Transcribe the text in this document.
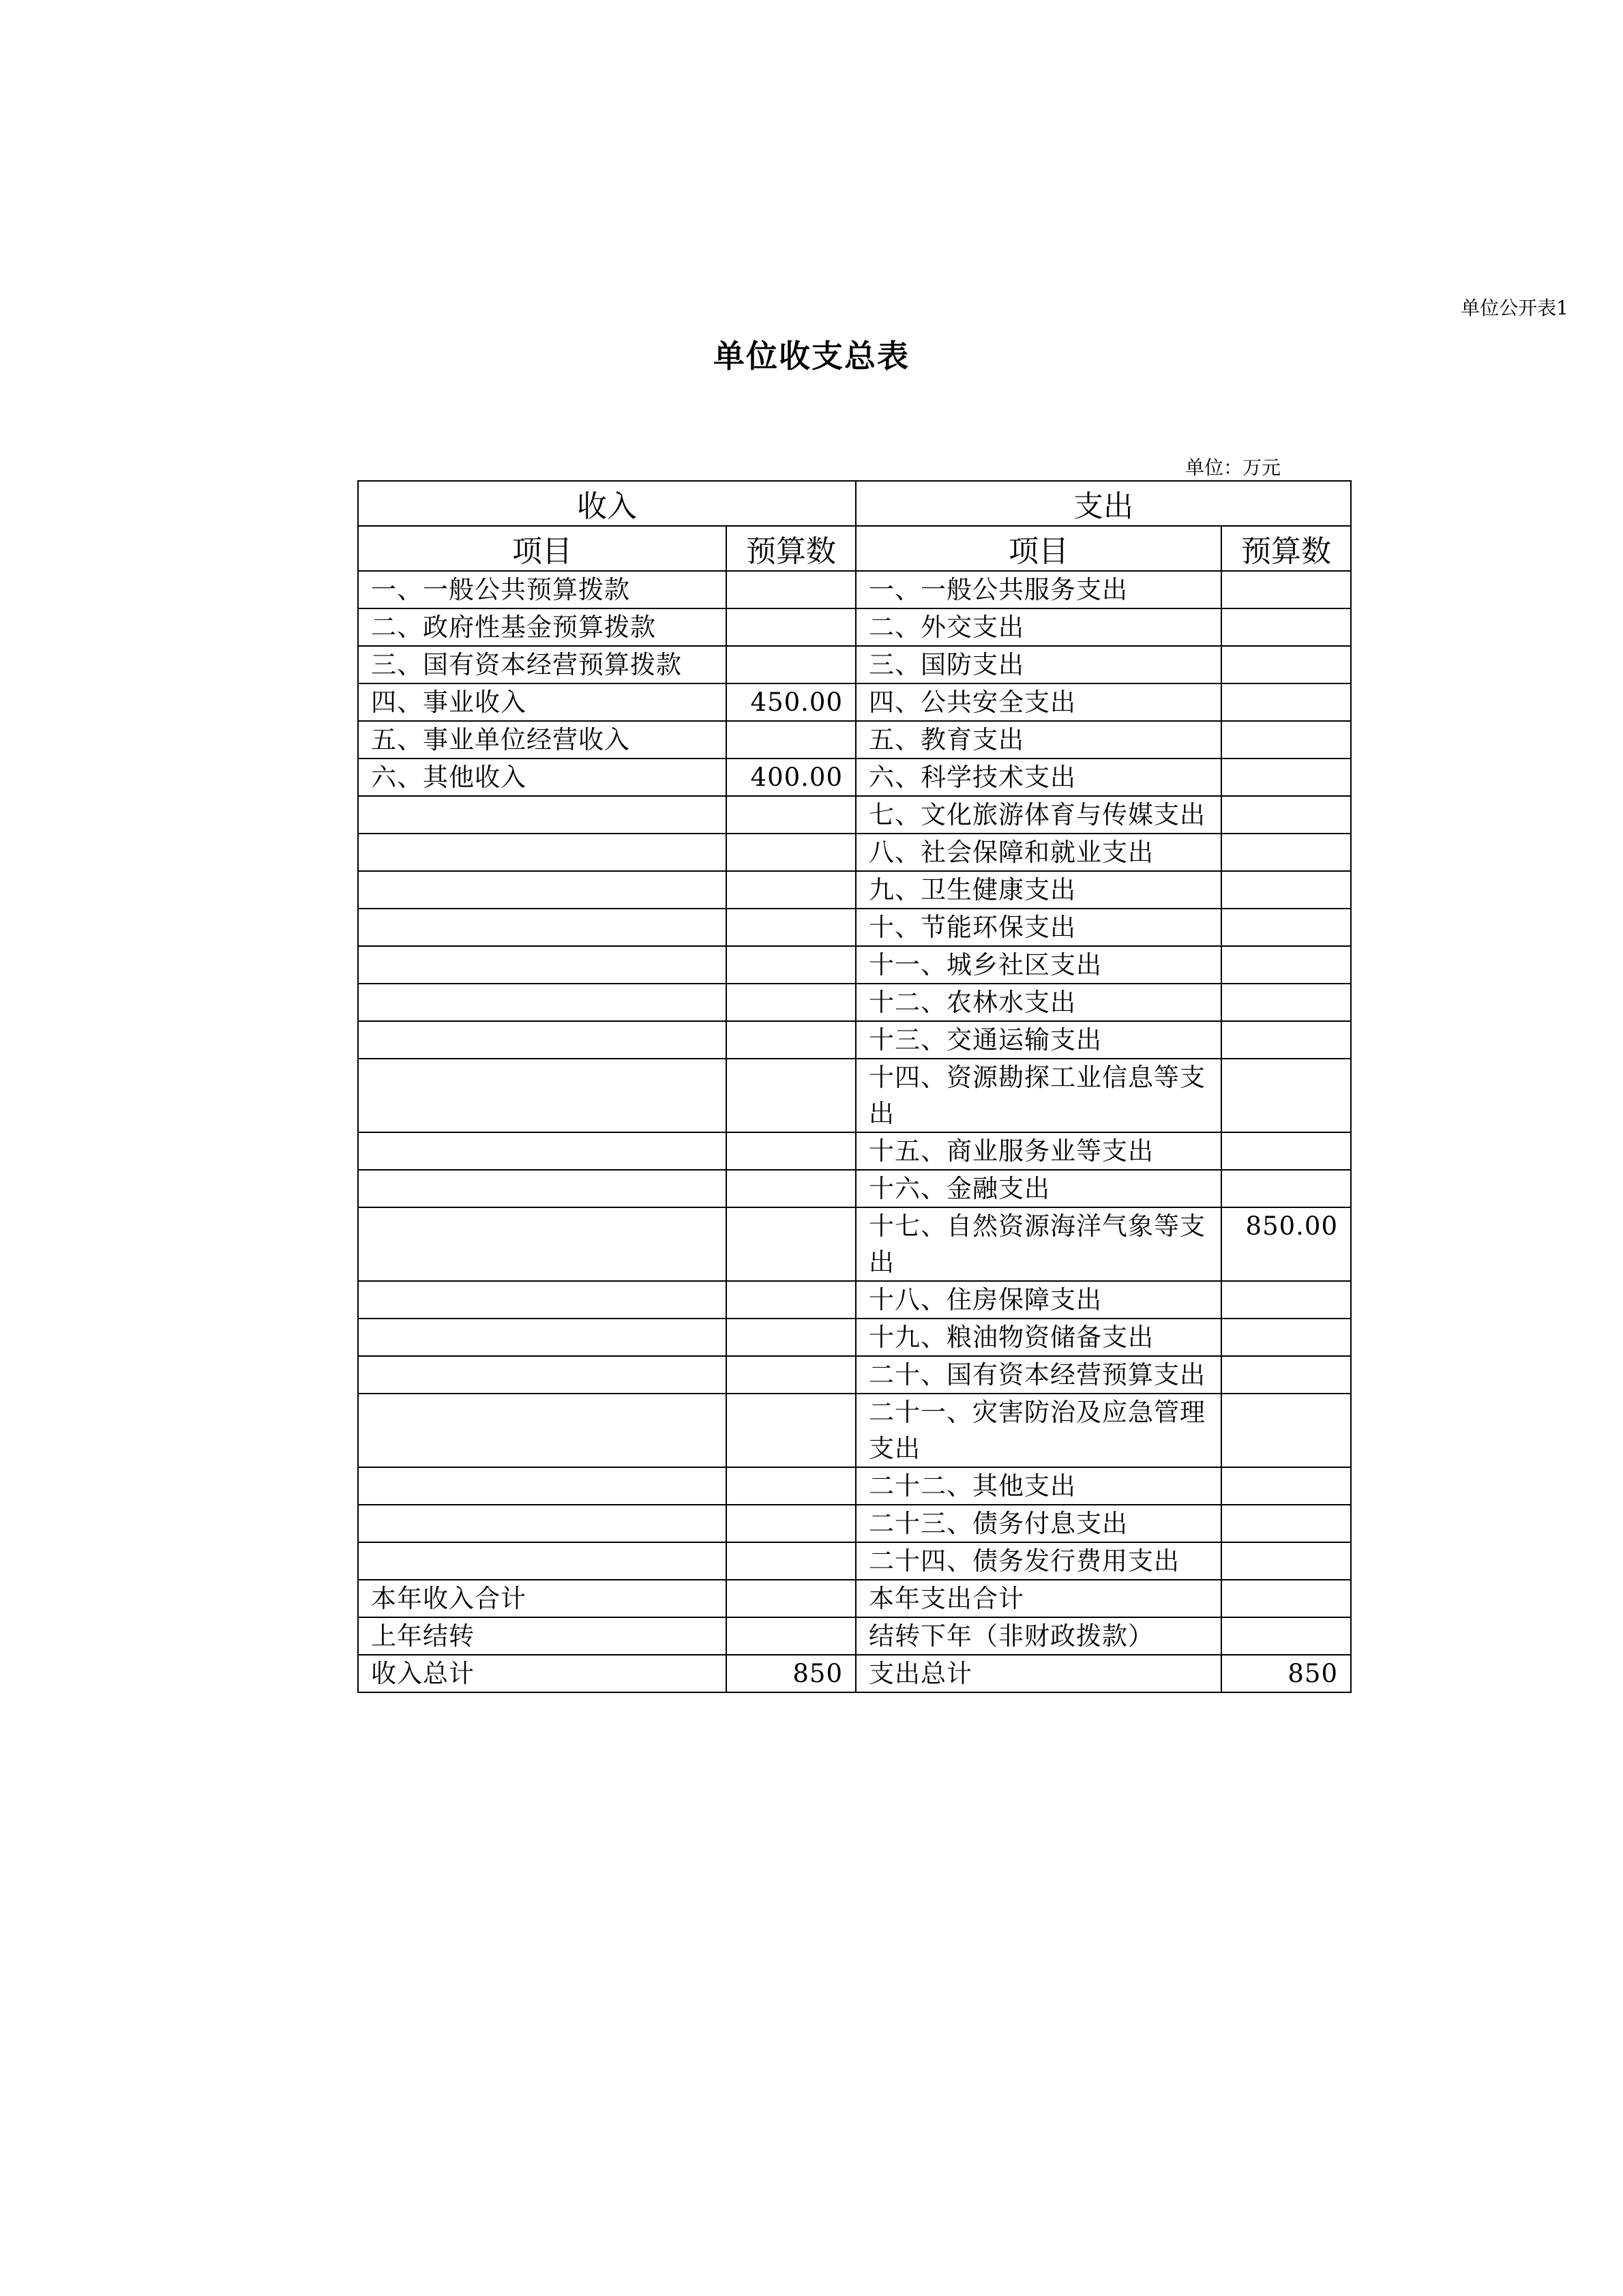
单位公开表1
单位收支总表
单位：万元
收入		支出	
项目	预算数	项目	预算数
一、一般公共预算拨款		一、一般公共服务支出	
二、政府性基金预算拨款		二、外交支出	
三、国有资本经营预算拨款		三、国防支出	
四、事业收入	450.00	四、公共安全支出	
五、事业单位经营收入		五、教育支出	
六、其他收入	400.00	六、科学技术支出	
		七、文化旅游体育与传媒支出	
		八、社会保障和就业支出	
		九、卫生健康支出	
		十、节能环保支出	
		十一、城乡社区支出	
		十二、农林水支出	
		十三、交通运输支出	
		十四、资源勘探工业信息等支出	
		十五、商业服务业等支出	
		十六、金融支出	
		十七、自然资源海洋气象等支出	850.00
		十八、住房保障支出	
		十九、粮油物资储备支出	
		二十、国有资本经营预算支出	
		二十一、灾害防治及应急管理支出	
		二十二、其他支出	
		二十三、债务付息支出	
		二十四、债务发行费用支出	
本年收入合计		本年支出合计	
上年结转		结转下年（非财政拨款）	
收入总计	850	支出总计	850
